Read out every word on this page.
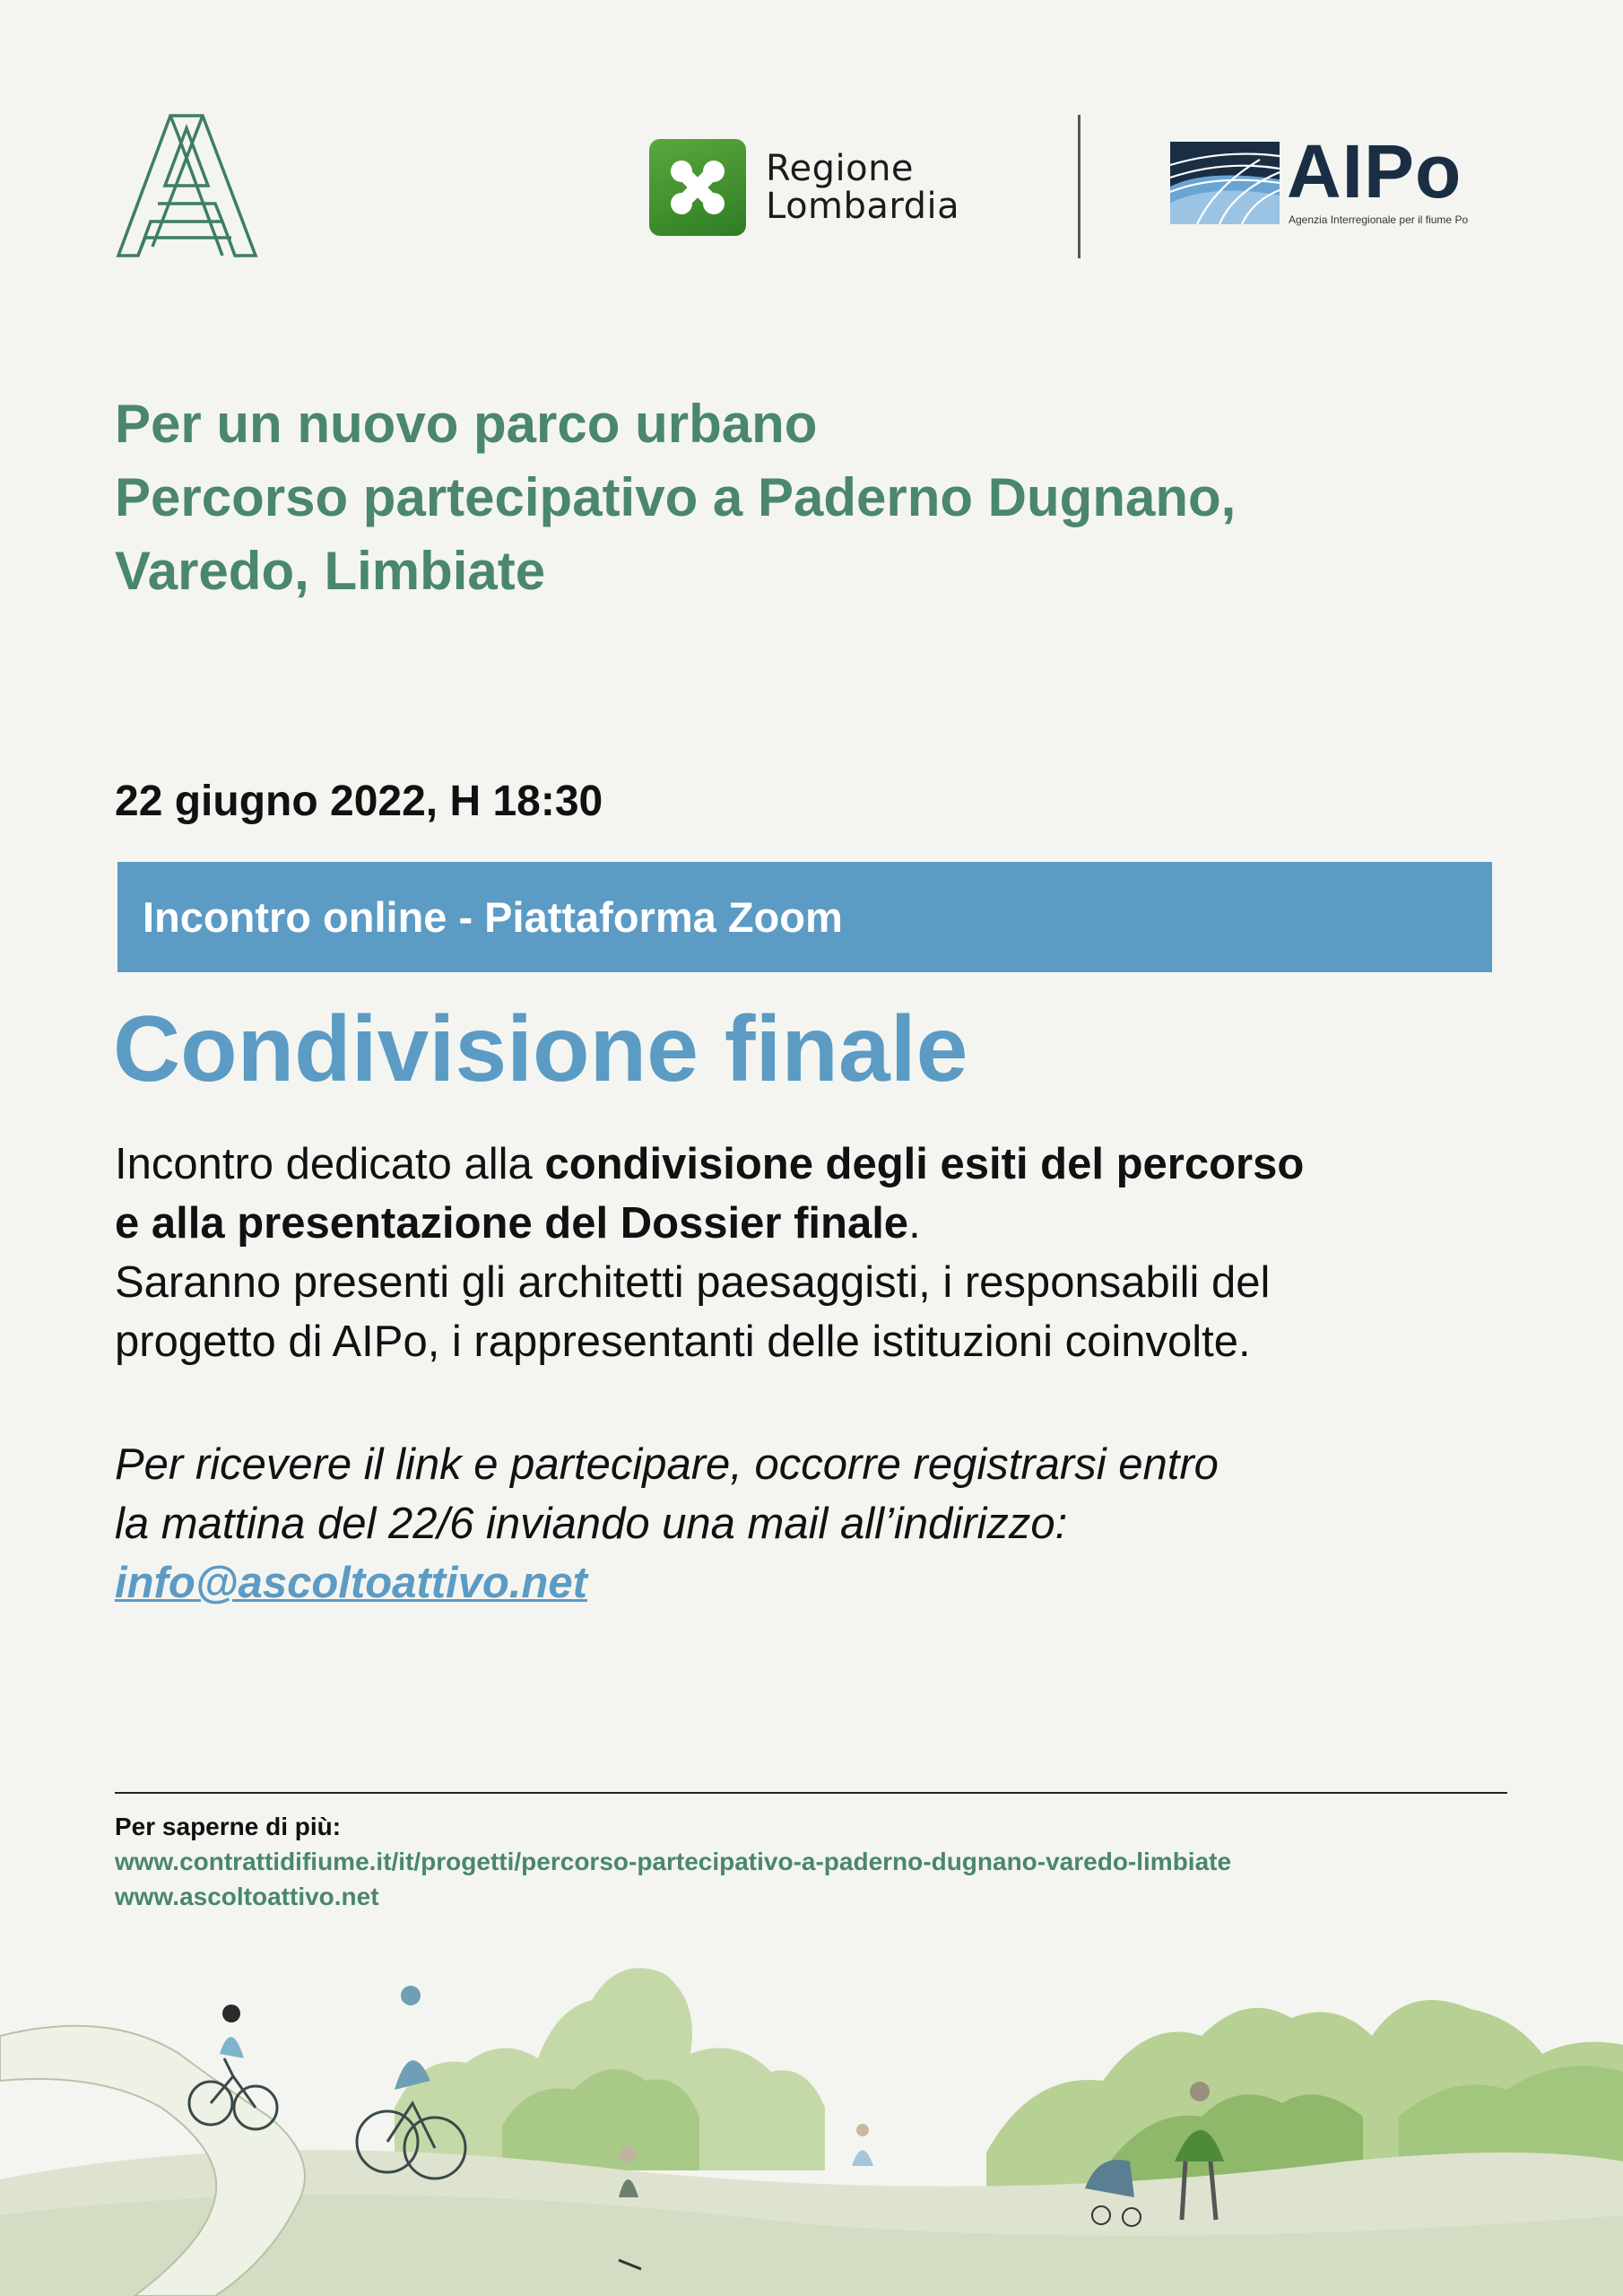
Regione
Lombardia	AIPo
Agenzia Interregionale per il fiume Po
Per un nuovo parco urbano
Percorso partecipativo a Paderno Dugnano,
Varedo, Limbiate
22 giugno 2022, H 18:30
Incontro online - Piattaforma Zoom
Condivisione finale
Incontro dedicato alla condivisione degli esiti del percorso
e alla presentazione del Dossier finale.
Saranno presenti gli architetti paesaggisti, i responsabili del
progetto di AIPo, i rappresentanti delle istituzioni coinvolte.
Per ricevere il link e partecipare, occorre registrarsi entro
la mattina del 22/6 inviando una mail all’indirizzo:
info@ascoltoattivo.net
Per saperne di più:
www.contrattidifiume.it/it/progetti/percorso-partecipativo-a-paderno-dugnano-varedo-limbiate
www.ascoltoattivo.net
